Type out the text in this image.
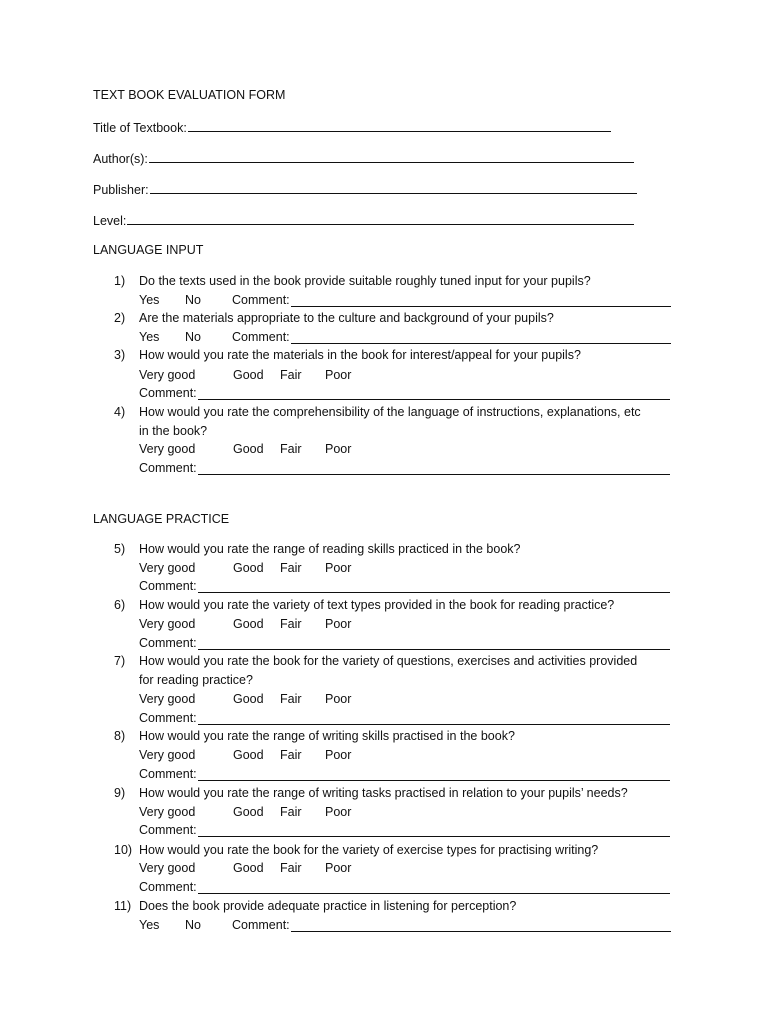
TEXT BOOK EVALUATION FORM
Title of Textbook:
Author(s):
Publisher:
Level:
LANGUAGE INPUT
1) Do the texts used in the book provide suitable roughly tuned input for your pupils?
Yes No Comment:
2) Are the materials appropriate to the culture and background of your pupils?
Yes No Comment:
3) How would you rate the materials in the book for interest/appeal for your pupils?
Very good	Good Fair Poor
Comment:
4) How would you rate the comprehensibility of the language of instructions, explanations, etc
in the book?
Very good	Good Fair Poor
Comment:
LANGUAGE PRACTICE
5) How would you rate the range of reading skills practiced in the book?
Very good	Good Fair Poor
Comment:
6) How would you rate the variety of text types provided in the book for reading practice?
Very good	Good Fair Poor
Comment:
7) How would you rate the book for the variety of questions, exercises and activities provided
for reading practice?
Very good	Good Fair Poor
Comment:
8) How would you rate the range of writing skills practised in the book?
Very good	Good Fair Poor
Comment:
9) How would you rate the range of writing tasks practised in relation to your pupils’ needs?
Very good	Good Fair Poor
Comment:
10) How would you rate the book for the variety of exercise types for practising writing?
Very good	Good Fair Poor
Comment:
11) Does the book provide adequate practice in listening for perception?
Yes No Comment:
